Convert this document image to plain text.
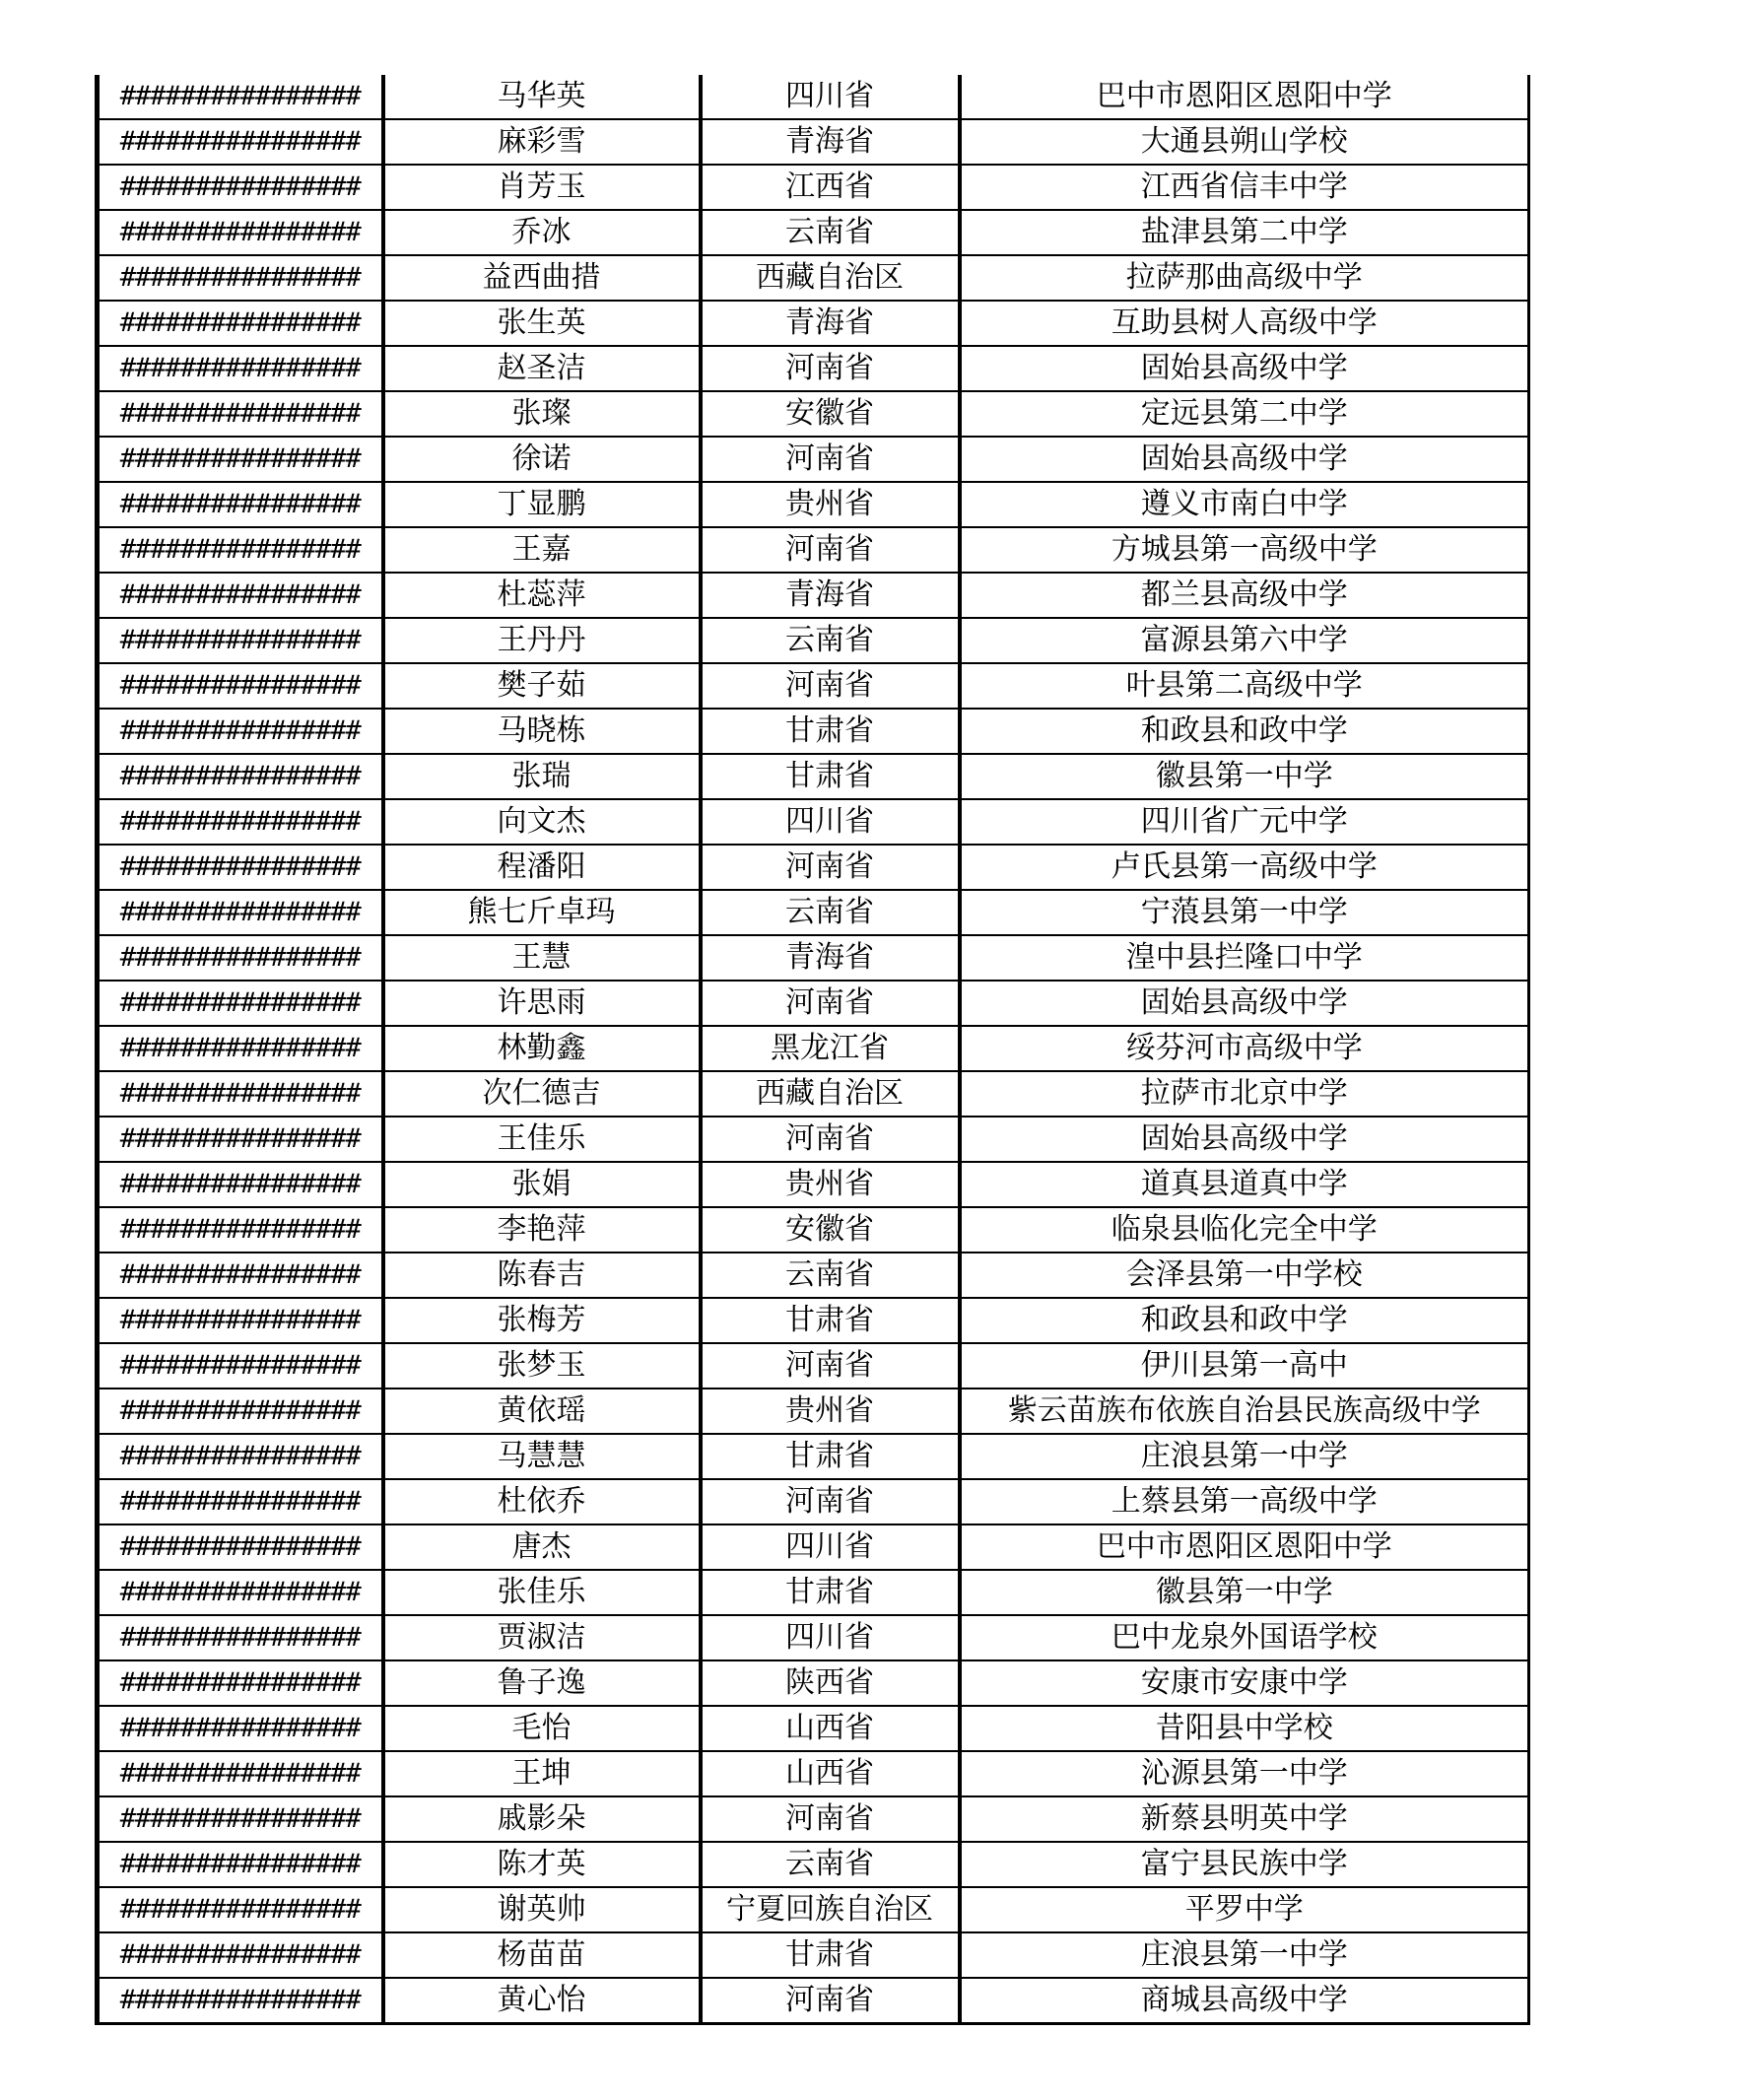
################	马华英	四川省	巴中市恩阳区恩阳中学
################	麻彩雪	青海省	大通县朔山学校
################	肖芳玉	江西省	江西省信丰中学
################	乔冰	云南省	盐津县第二中学
################	益西曲措	西藏自治区	拉萨那曲高级中学
################	张生英	青海省	互助县树人高级中学
################	赵圣洁	河南省	固始县高级中学
################	张璨	安徽省	定远县第二中学
################	徐诺	河南省	固始县高级中学
################	丁显鹏	贵州省	遵义市南白中学
################	王嘉	河南省	方城县第一高级中学
################	杜蕊萍	青海省	都兰县高级中学
################	王丹丹	云南省	富源县第六中学
################	樊子茹	河南省	叶县第二高级中学
################	马晓栋	甘肃省	和政县和政中学
################	张瑞	甘肃省	徽县第一中学
################	向文杰	四川省	四川省广元中学
################	程潘阳	河南省	卢氏县第一高级中学
################	熊七斤卓玛	云南省	宁蒗县第一中学
################	王慧	青海省	湟中县拦隆口中学
################	许思雨	河南省	固始县高级中学
################	林勤鑫	黑龙江省	绥芬河市高级中学
################	次仁德吉	西藏自治区	拉萨市北京中学
################	王佳乐	河南省	固始县高级中学
################	张娟	贵州省	道真县道真中学
################	李艳萍	安徽省	临泉县临化完全中学
################	陈春吉	云南省	会泽县第一中学校
################	张梅芳	甘肃省	和政县和政中学
################	张梦玉	河南省	伊川县第一高中
################	黄依瑶	贵州省	紫云苗族布依族自治县民族高级中学
################	马慧慧	甘肃省	庄浪县第一中学
################	杜依乔	河南省	上蔡县第一高级中学
################	唐杰	四川省	巴中市恩阳区恩阳中学
################	张佳乐	甘肃省	徽县第一中学
################	贾淑洁	四川省	巴中龙泉外国语学校
################	鲁子逸	陕西省	安康市安康中学
################	毛怡	山西省	昔阳县中学校
################	王坤	山西省	沁源县第一中学
################	戚影朵	河南省	新蔡县明英中学
################	陈才英	云南省	富宁县民族中学
################	谢英帅	宁夏回族自治区	平罗中学
################	杨苗苗	甘肃省	庄浪县第一中学
################	黄心怡	河南省	商城县高级中学
